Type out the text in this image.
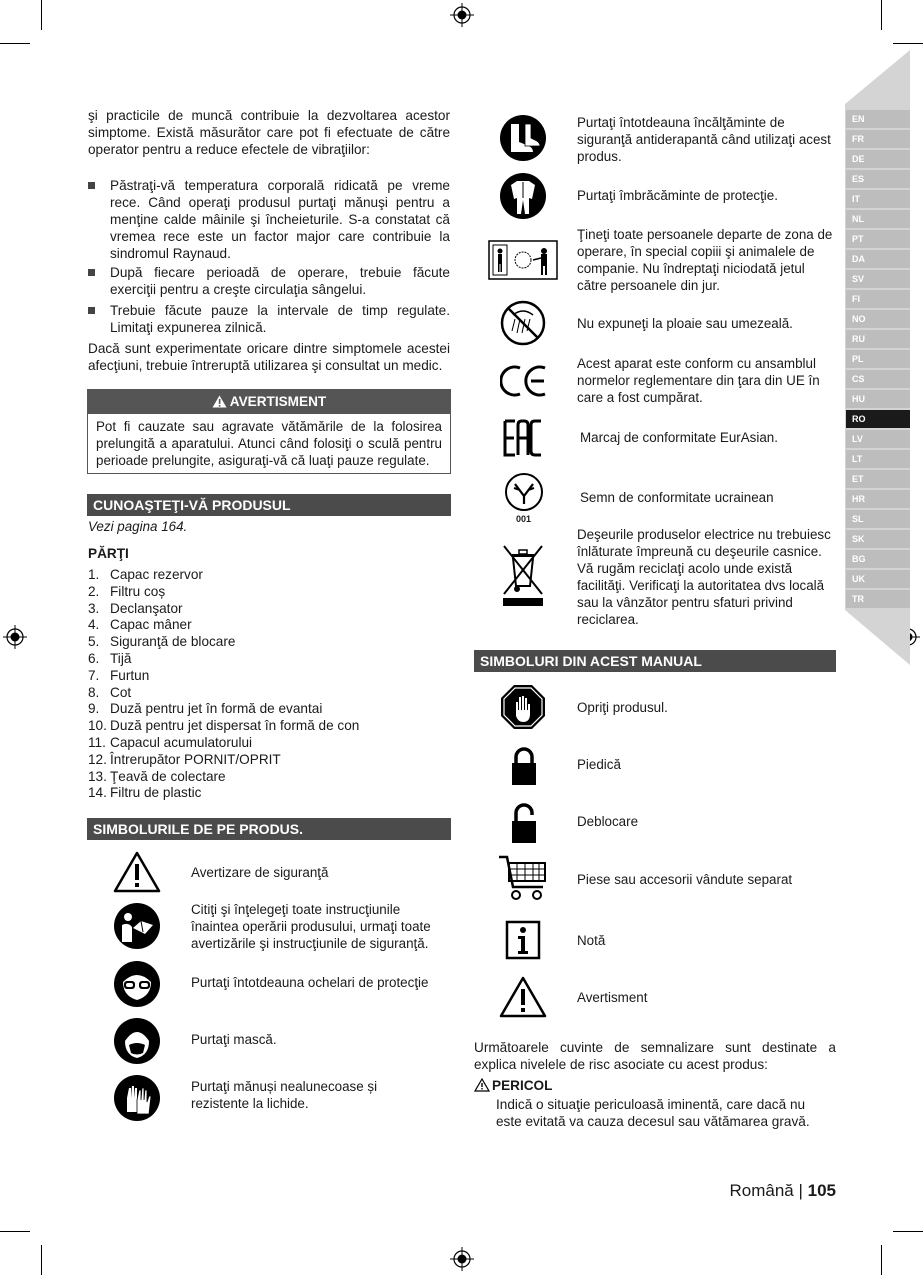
EN
FR
DE
ES
IT
NL
PT
DA
SV
FI
NO
RU
PL
CS
HU
RO
LV
LT
ET
HR
SL
SK
BG
UK
TR
şi practicile de muncă contribuie la dezvoltarea acestor simptome. Există măsurător care pot fi efectuate de către operator pentru a reduce efectele de vibraţiilor:
Păstraţi-vă temperatura corporală ridicată pe vreme rece. Când operaţi produsul purtaţi mănuşi pentru a menţine calde mâinile şi încheieturile. S-a constatat că vremea rece este un factor major care contribuie la sindromul Raynaud.
După fiecare perioadă de operare, trebuie făcute exerciţii pentru a creşte circulaţia sângelui.
Trebuie făcute pauze la intervale de timp regulate. Limitaţi expunerea zilnică.
Dacă sunt experimentate oricare dintre simptomele acestei afecţiuni, trebuie întreruptă utilizarea şi consultat un medic.
AVERTISMENT
Pot fi cauzate sau agravate vătămările de la folosirea prelungită a aparatului. Atunci când folosiţi o sculă pentru perioade prelungite, asiguraţi-vă că luaţi pauze regulate.
CUNOAŞTEŢI-VĂ PRODUSUL
Vezi pagina 164.
PĂRŢI
1. Capac rezervor
2. Filtru coș
3. Declanşator
4. Capac mâner
5. Siguranţă de blocare
6. Tijă
7. Furtun
8. Cot
9. Duză pentru jet în formă de evantai
10. Duză pentru jet dispersat în formă de con
11. Capacul acumulatorului
12. Întrerupător PORNIT/OPRIT
13. Ţeavă de colectare
14. Filtru de plastic
SIMBOLURILE DE PE PRODUS.
Avertizare de siguranţă
Citiţi şi înţelegeţi toate instrucţiunile înaintea operării produsului, urmaţi toate avertizările şi instrucţiunile de siguranţă.
Purtaţi întotdeauna ochelari de protecţie
Purtaţi mască.
Purtaţi mănuși nealunecoase și rezistente la lichide.
Purtaţi întotdeauna încălţăminte de siguranţă antiderapantă când utilizaţi acest produs.
Purtaţi îmbrăcăminte de protecţie.
Ţineţi toate persoanele departe de zona de operare, în special copiii şi animalele de companie. Nu îndreptaţi niciodată jetul către persoanele din jur.
Nu expuneţi la ploaie sau umezeală.
Acest aparat este conform cu ansamblul normelor reglementare din ţara din UE în care a fost cumpărat.
Marcaj de conformitate EurAsian.
001
Semn de conformitate ucrainean
Deşeurile produselor electrice nu trebuiesc înlăturate împreună cu deşeurile casnice. Vă rugăm reciclaţi acolo unde există facilităţi. Verificaţi la autoritatea dvs locală sau la vânzător pentru sfaturi privind reciclarea.
SIMBOLURI DIN ACEST MANUAL
Opriţi produsul.
Piedică
Deblocare
Piese sau accesorii vândute separat
Notă
Avertisment
Următoarele cuvinte de semnalizare sunt destinate a explica nivelele de risc asociate cu acest produs:
PERICOL
Indică o situaţie periculoasă iminentă, care dacă nu este evitată va cauza decesul sau vătămarea gravă.
Română | 105
